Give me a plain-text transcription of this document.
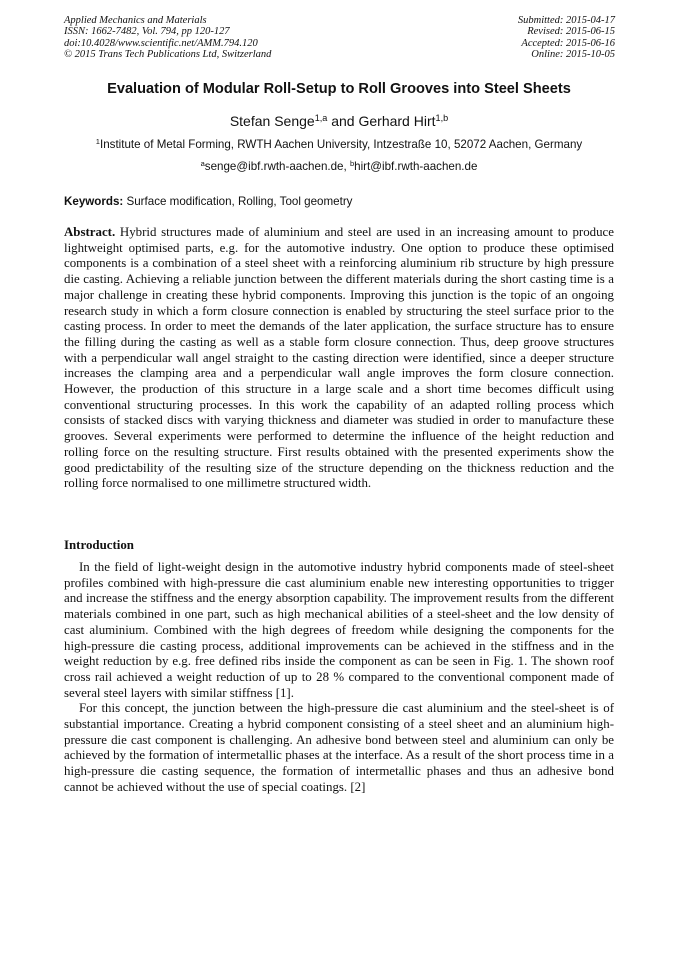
Applied Mechanics and Materials
ISSN: 1662-7482, Vol. 794, pp 120-127
doi:10.4028/www.scientific.net/AMM.794.120
© 2015 Trans Tech Publications Ltd, Switzerland
Submitted: 2015-04-17
Revised: 2015-06-15
Accepted: 2015-06-16
Online: 2015-10-05
Evaluation of Modular Roll-Setup to Roll Grooves into Steel Sheets
Stefan Senge$^{1,a}$ and Gerhard Hirt$^{1,b}$
$^1$Institute of Metal Forming, RWTH Aachen University, Intzestraße 10, 52072 Aachen, Germany
$^a$senge@ibf.rwth-aachen.de, $^b$hirt@ibf.rwth-aachen.de
Keywords: Surface modification, Rolling, Tool geometry
Abstract. Hybrid structures made of aluminium and steel are used in an increasing amount to produce lightweight optimised parts, e.g. for the automotive industry. One option to produce these optimised components is a combination of a steel sheet with a reinforcing aluminium rib structure by high pressure die casting. Achieving a reliable junction between the different materials during the short casting time is a major challenge in creating these hybrid components. Improving this junction is the topic of an ongoing research study in which a form closure connection is enabled by structuring the steel surface prior to the casting process. In order to meet the demands of the later application, the surface structure has to ensure the filling during the casting as well as a stable form closure connection. Thus, deep groove structures with a perpendicular wall angel straight to the casting direction were identified, since a deeper structure increases the clamping area and a perpendicular wall angle improves the form closure connection. However, the production of this structure in a large scale and a short time becomes difficult using conventional structuring processes. In this work the capability of an adapted rolling process which consists of stacked discs with varying thickness and diameter was studied in order to manufacture these grooves. Several experiments were performed to determine the influence of the height reduction and rolling force on the resulting structure. First results obtained with the presented experiments show the good predictability of the resulting size of the structure depending on the thickness reduction and the rolling force normalised to one millimetre structured width.
Introduction

In the field of light-weight design in the automotive industry hybrid components made of steel-sheet profiles combined with high-pressure die cast aluminium enable new interesting opportunities to trigger and increase the stiffness and the energy absorption capability. The improvement results from the different materials combined in one part, such as high mechanical abilities of a steel-sheet and the low density of cast aluminium. Combined with the high degrees of freedom while designing the components for the high-pressure die casting process, additional improvements can be achieved in the stiffness and in the weight reduction by e.g. free defined ribs inside the component as can be seen in Fig. 1. The shown roof cross rail achieved a weight reduction of up to 28 % compared to the conventional component made of several steel layers with similar stiffness [1].

For this concept, the junction between the high-pressure die cast aluminium and the steel-sheet is of substantial importance. Creating a hybrid component consisting of a steel sheet and an aluminium high-pressure die cast component is challenging. An adhesive bond between steel and aluminium can only be achieved by the formation of intermetallic phases at the interface. As a result of the short process time in a high-pressure die casting sequence, the formation of intermetallic phases and thus an adhesive bond cannot be achieved without the use of special coatings. [2]
